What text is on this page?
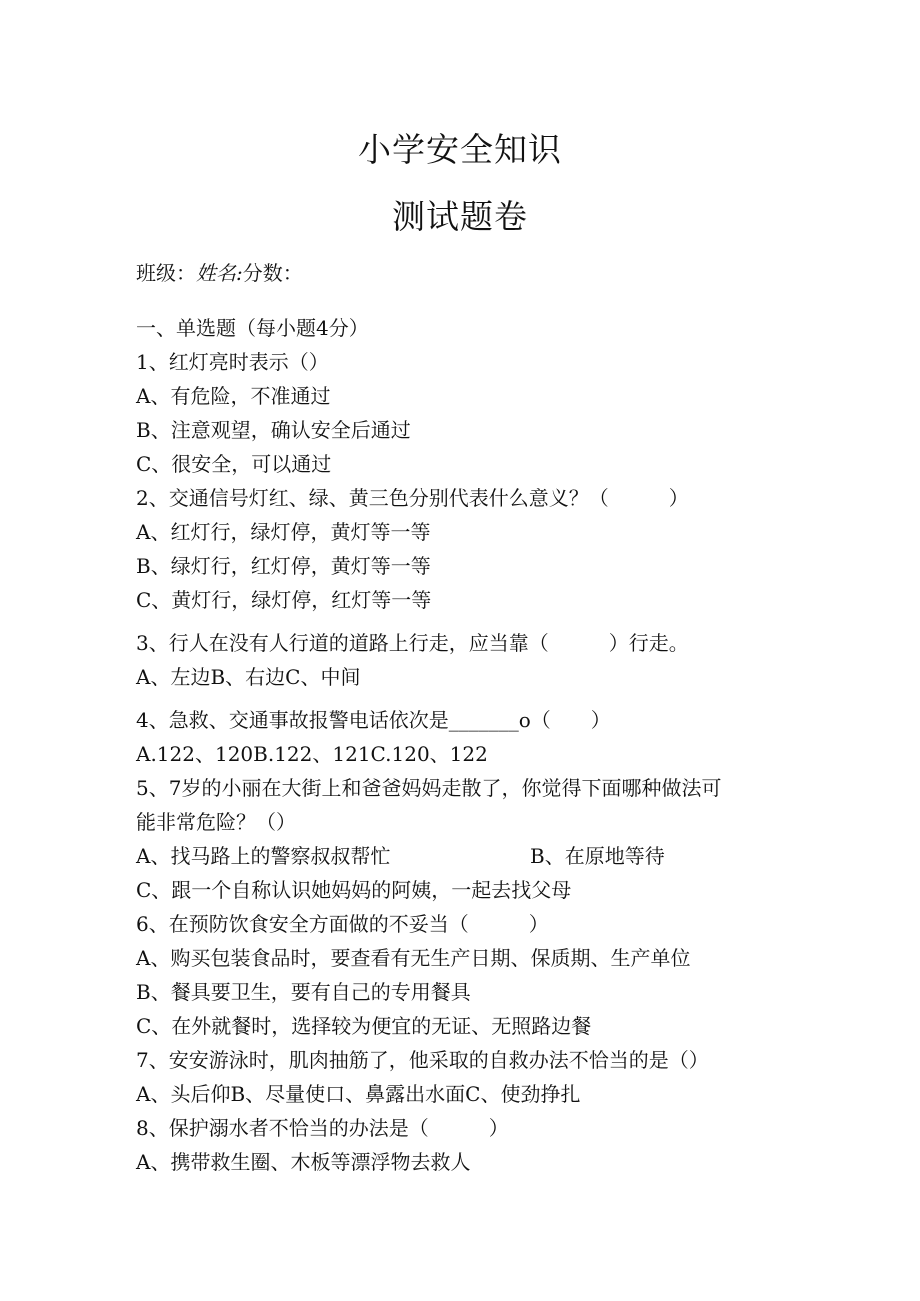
小学安全知识
测试题卷
班级：姓名:分数：
一、单选题（每小题4分）
1、红灯亮时表示（）
A、有危险，不准通过
B、注意观望，确认安全后通过
C、很安全，可以通过
2、交通信号灯红、绿、黄三色分别代表什么意义？（　　　）
A、红灯行，绿灯停，黄灯等一等
B、绿灯行，红灯停，黄灯等一等
C、黄灯行，绿灯停，红灯等一等
3、行人在没有人行道的道路上行走，应当靠（　　　）行走。
A、左边B、右边C、中间
4、急救、交通事故报警电话依次是_______o（　　）
A.122、120B.122、121C.120、122
5、7岁的小丽在大街上和爸爸妈妈走散了，你觉得下面哪种做法可
能非常危险？（）
A、找马路上的警察叔叔帮忙	B、在原地等待
C、跟一个自称认识她妈妈的阿姨，一起去找父母
6、在预防饮食安全方面做的不妥当（　　　）
A、购买包装食品时，要查看有无生产日期、保质期、生产单位
B、餐具要卫生，要有自己的专用餐具
C、在外就餐时，选择较为便宜的无证、无照路边餐
7、安安游泳时，肌肉抽筋了，他采取的自救办法不恰当的是（）
A、头后仰B、尽量使口、鼻露出水面C、使劲挣扎
8、保护溺水者不恰当的办法是（　　　）
A、携带救生圈、木板等漂浮物去救人
